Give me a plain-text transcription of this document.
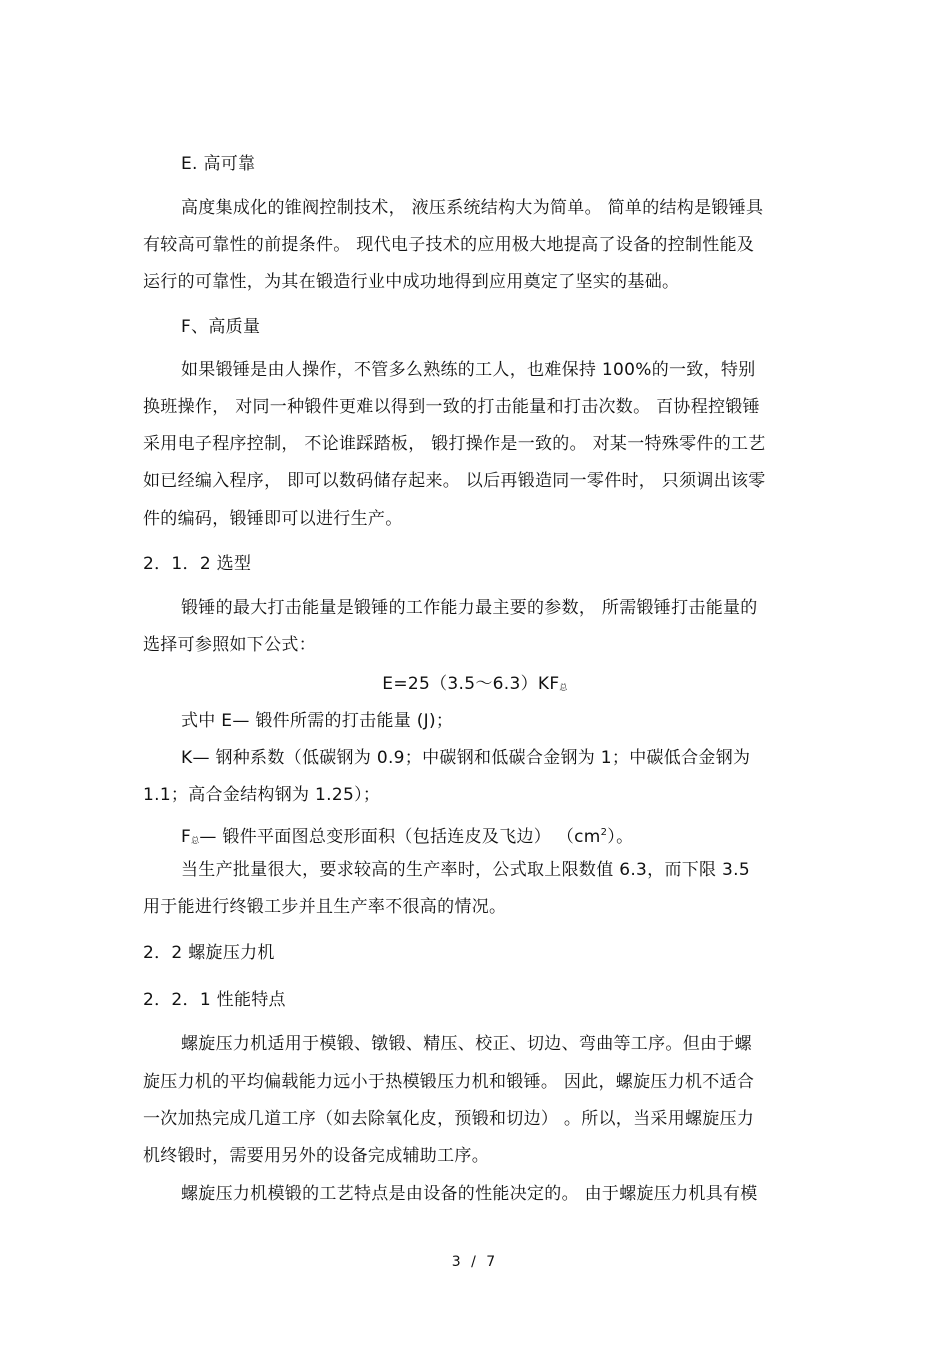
E. 高可靠
高度集成化的锥阀控制技术， 液压系统结构大为简单。 简单的结构是锻锤具
有较高可靠性的前提条件。 现代电子技术的应用极大地提高了设备的控制性能及
运行的可靠性，为其在锻造行业中成功地得到应用奠定了坚实的基础。
F、高质量
如果锻锤是由人操作，不管多么熟练的工人，也难保持 100%的一致，特别
换班操作， 对同一种锻件更难以得到一致的打击能量和打击次数。 百协程控锻锤
采用电子程序控制， 不论谁踩踏板， 锻打操作是一致的。 对某一特殊零件的工艺
如已经编入程序， 即可以数码储存起来。 以后再锻造同一零件时， 只须调出该零
件的编码，锻锤即可以进行生产。
2．1．2 选型
锻锤的最大打击能量是锻锤的工作能力最主要的参数， 所需锻锤打击能量的
选择可参照如下公式：
E=25（3.5～6.3）KF总
式中 E— 锻件所需的打击能量 (J)；
K— 钢种系数（低碳钢为 0.9；中碳钢和低碳合金钢为 1；中碳低合金钢为
1.1；高合金结构钢为 1.25）；
F总— 锻件平面图总变形面积（包括连皮及飞边） $(cm^2)$。
当生产批量很大，要求较高的生产率时，公式取上限数值 6.3，而下限 3.5
用于能进行终锻工步并且生产率不很高的情况。
2．2 螺旋压力机
2．2．1 性能特点
螺旋压力机适用于模锻、镦锻、精压、校正、切边、弯曲等工序。但由于螺
旋压力机的平均偏载能力远小于热模锻压力机和锻锤。 因此，螺旋压力机不适合
一次加热完成几道工序（如去除氧化皮，预锻和切边） 。所以，当采用螺旋压力
机终锻时，需要用另外的设备完成辅助工序。
螺旋压力机模锻的工艺特点是由设备的性能决定的。 由于螺旋压力机具有模
3 / 7
